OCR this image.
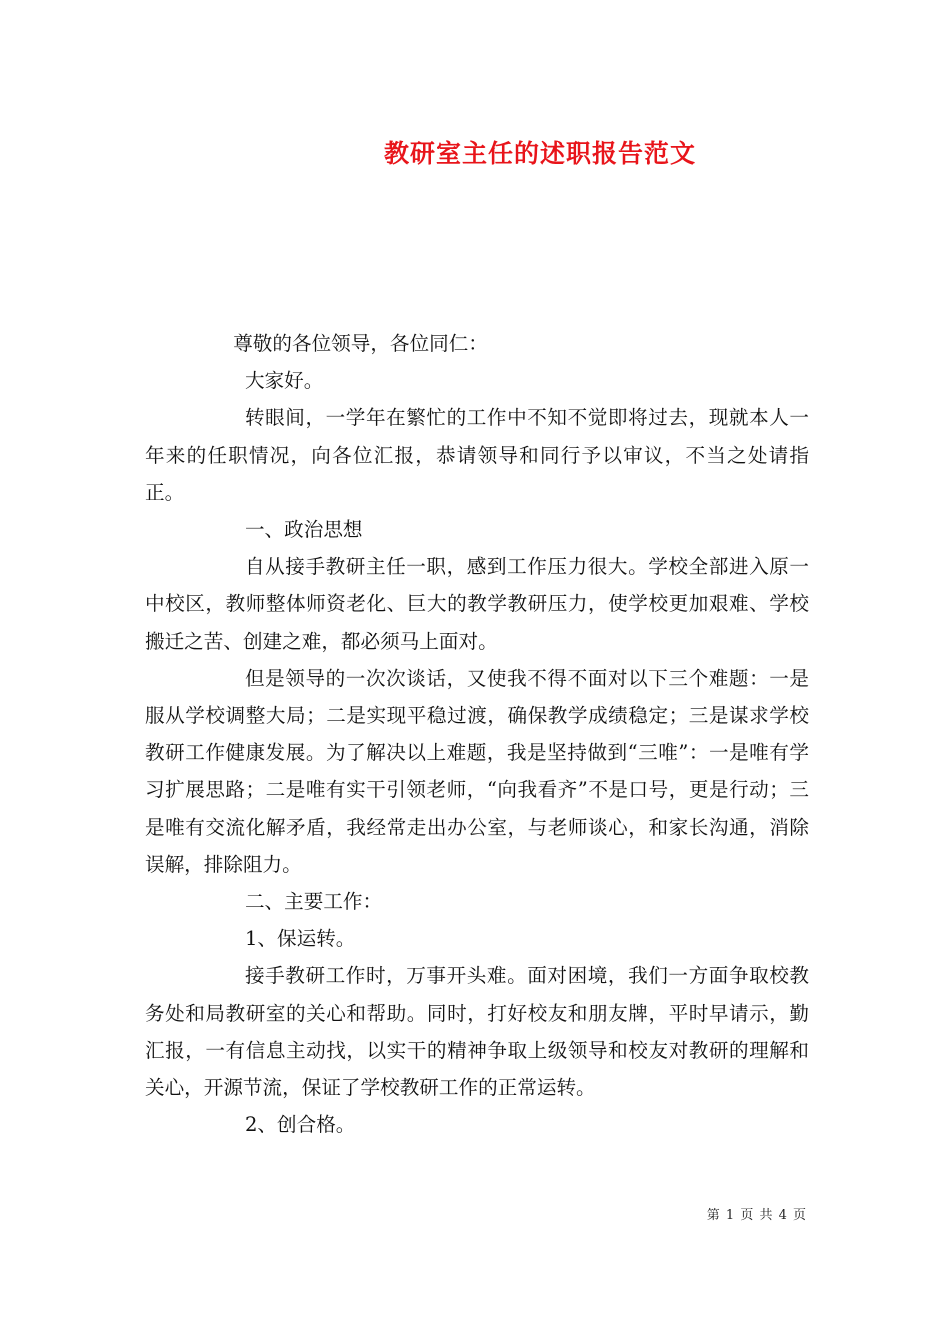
教研室主任的述职报告范文

尊敬的各位领导，各位同仁：

大家好。

转眼间，一学年在繁忙的工作中不知不觉即将过去，现就本人一年来的任职情况，向各位汇报，恭请领导和同行予以审议，不当之处请指正。

一、政治思想

自从接手教研主任一职，感到工作压力很大。学校全部进入原一中校区，教师整体师资老化、巨大的教学教研压力，使学校更加艰难、学校搬迁之苦、创建之难，都必须马上面对。

但是领导的一次次谈话，又使我不得不面对以下三个难题：一是服从学校调整大局；二是实现平稳过渡，确保教学成绩稳定；三是谋求学校教研工作健康发展。为了解决以上难题，我是坚持做到“三唯”：一是唯有学习扩展思路；二是唯有实干引领老师，“向我看齐”不是口号，更是行动；三是唯有交流化解矛盾，我经常走出办公室，与老师谈心，和家长沟通，消除误解，排除阻力。

二、主要工作：

1、保运转。

接手教研工作时，万事开头难。面对困境，我们一方面争取校教务处和局教研室的关心和帮助。同时，打好校友和朋友牌，平时早请示，勤汇报，一有信息主动找，以实干的精神争取上级领导和校友对教研的理解和关心，开源节流，保证了学校教研工作的正常运转。

2、创合格。

第 1 页 共 4 页
